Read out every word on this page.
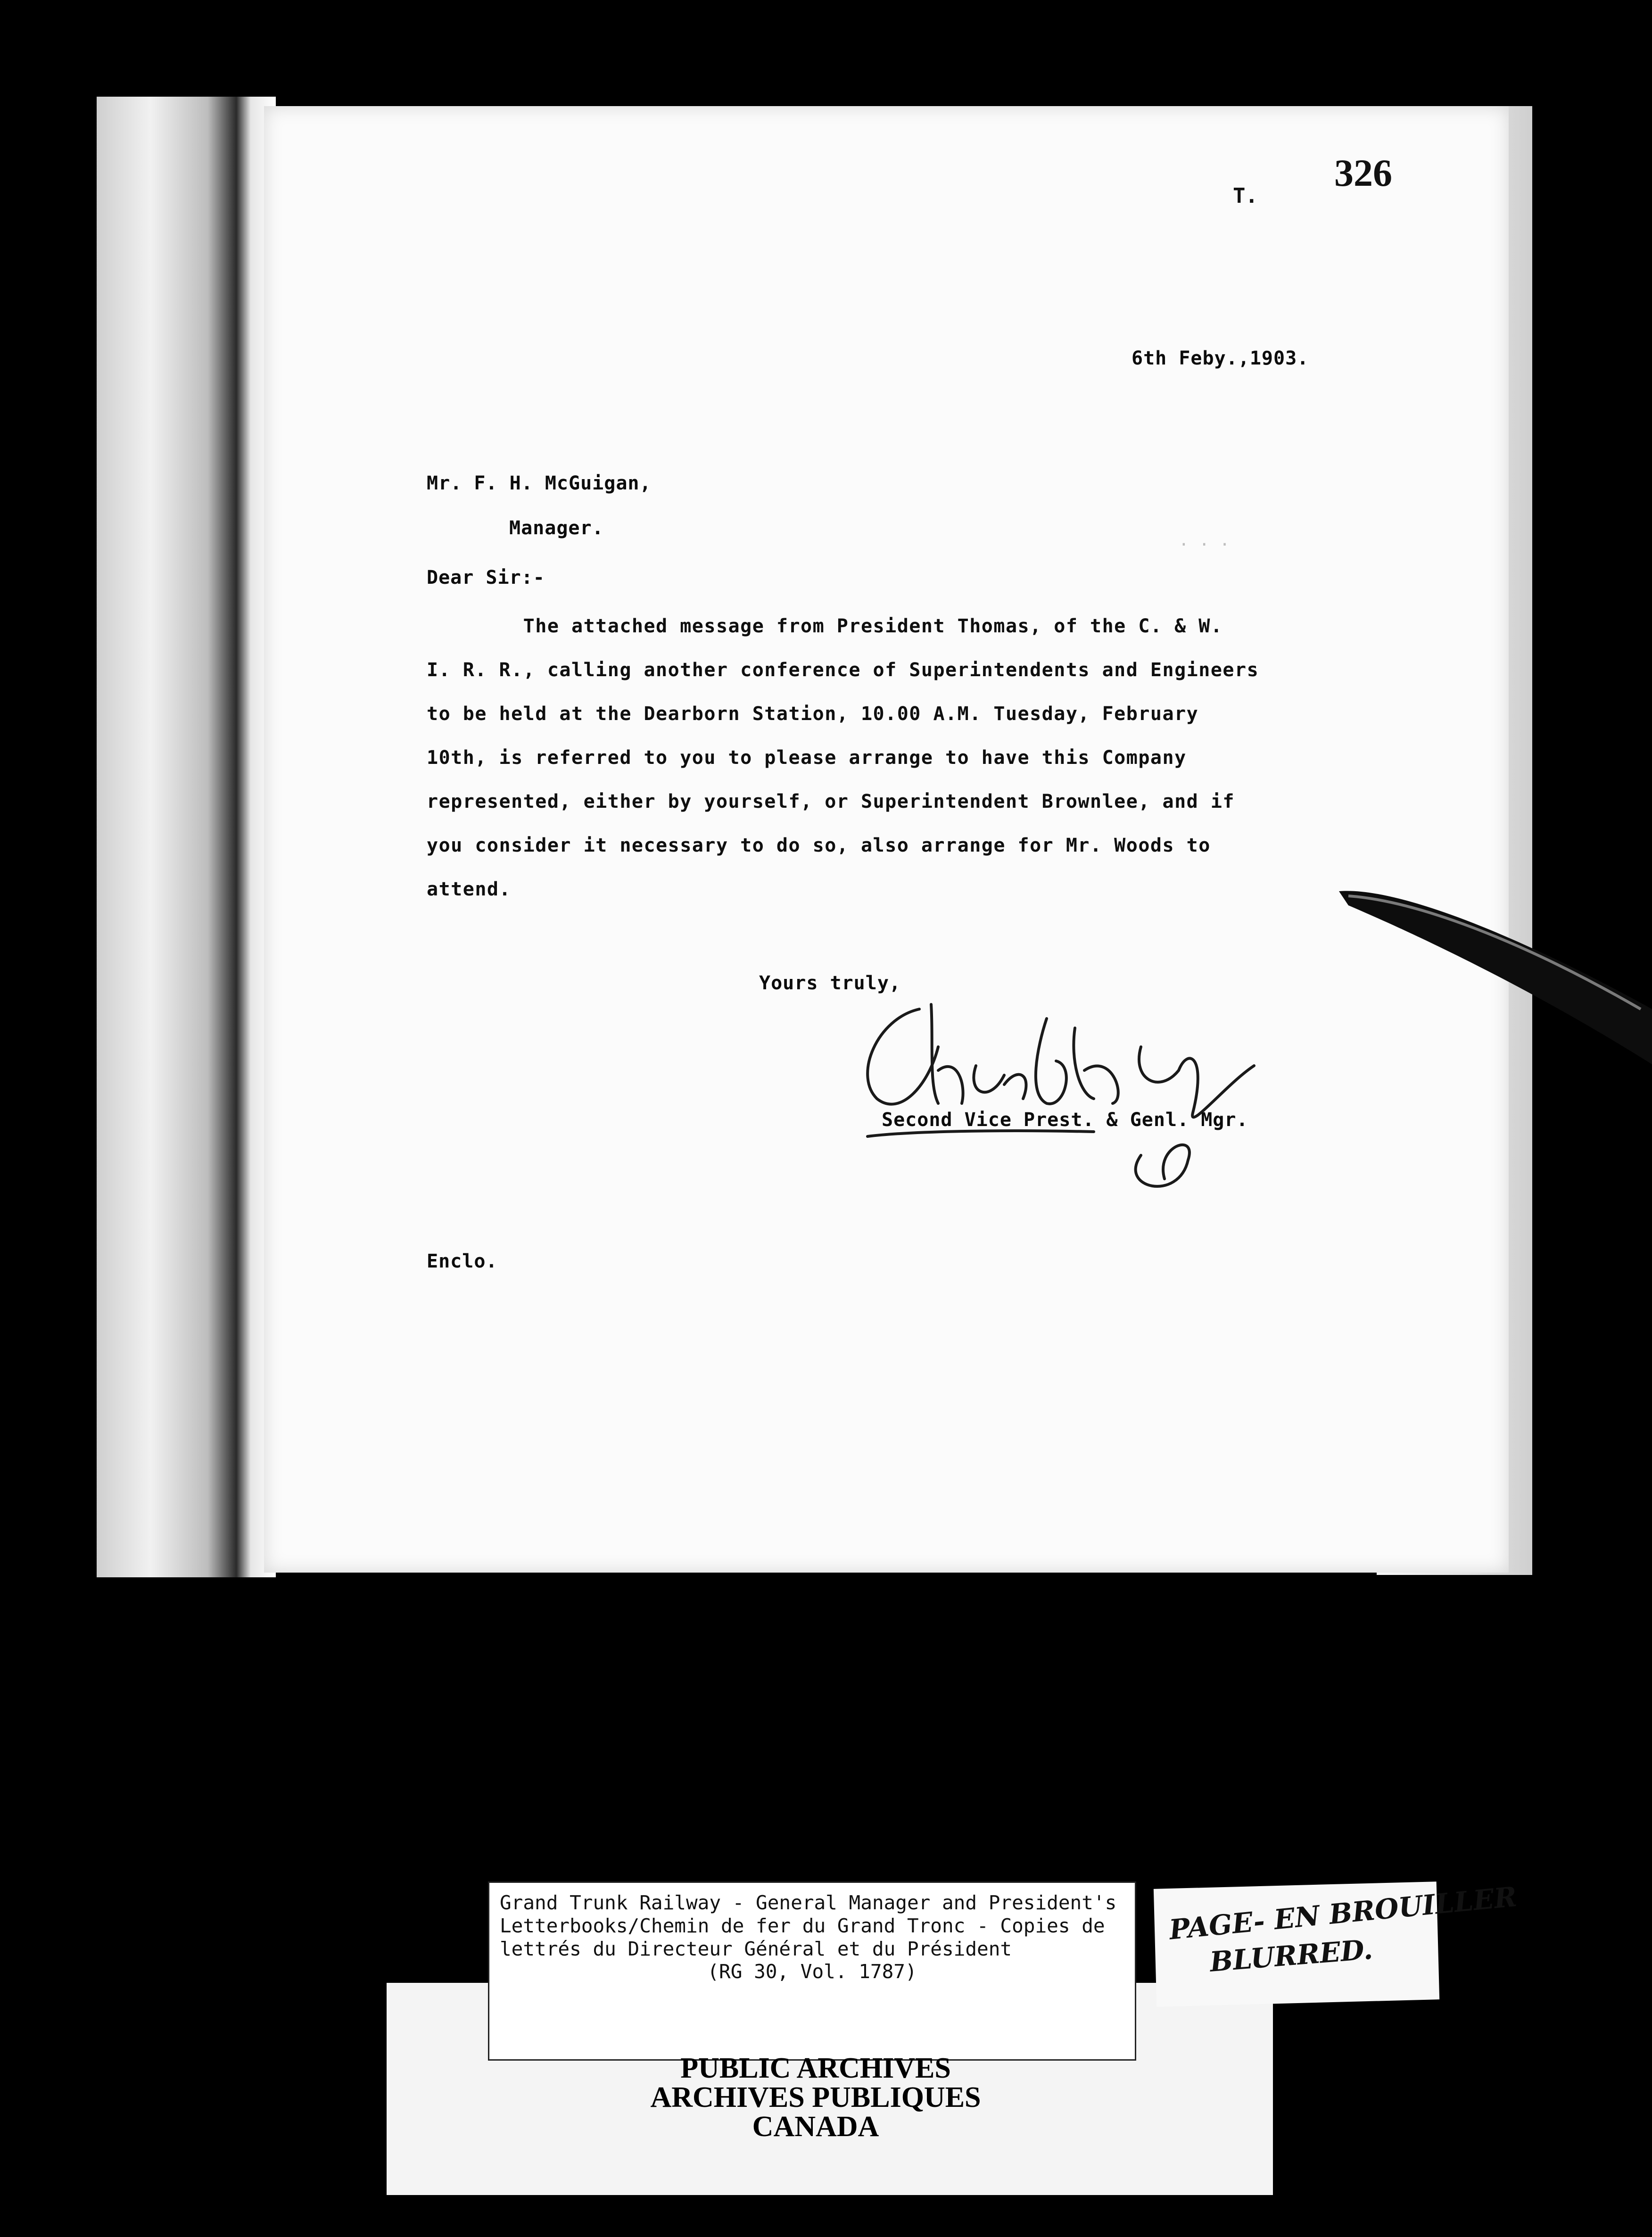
. . .
T.
326
6th Feby.,1903.
Mr. F. H. McGuigan,
Manager.
Dear Sir:-
The attached message from President Thomas, of the C. & W.
I. R. R., calling another conference of Superintendents and Engineers
to be held at the Dearborn Station, 10.00 A.M. Tuesday, February
10th, is referred to you to please arrange to have this Company
represented, either by yourself, or Superintendent Brownlee, and if
you consider it necessary to do so, also arrange for Mr. Woods to
attend.
Yours truly,
Second Vice Prest. & Genl. Mgr.
Enclo.
Grand Trunk Railway - General Manager and President's
Letterbooks/Chemin de fer du Grand Tronc - Copies de
lettrés du Directeur Général et du Président
(RG 30, Vol. 1787)
PUBLIC ARCHIVES
ARCHIVES PUBLIQUES
CANADA
PAGE- EN BROUILLER
BLURRED.
